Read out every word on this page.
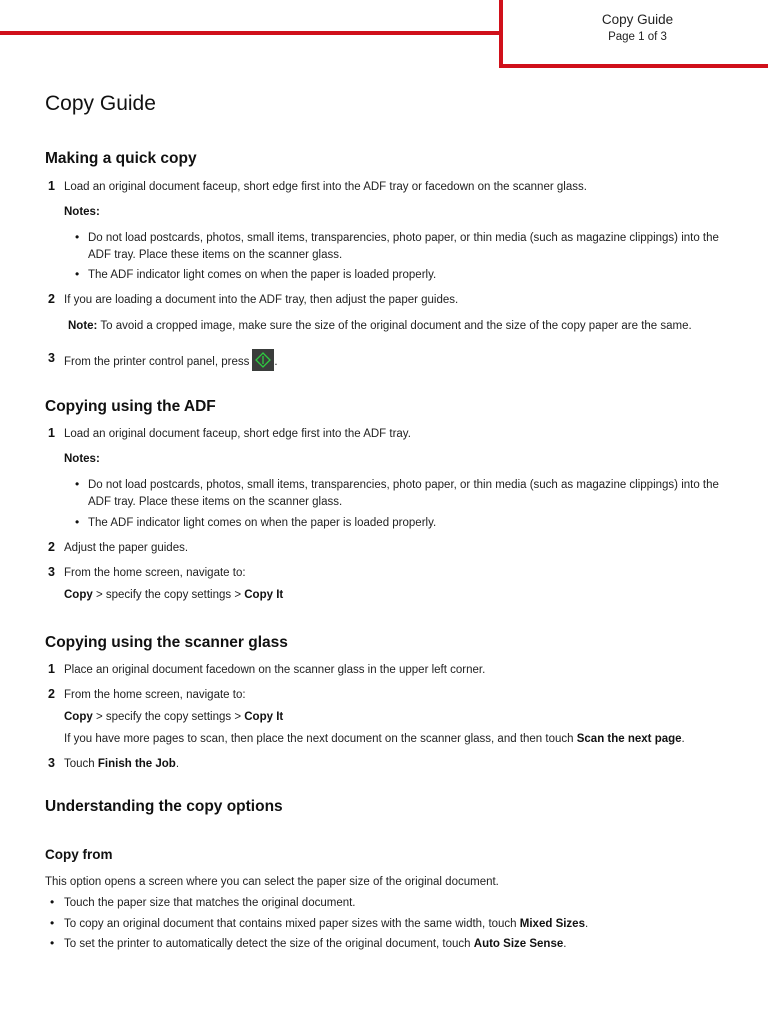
Copy Guide
Page 1 of 3
Copy Guide
Making a quick copy
1 Load an original document faceup, short edge first into the ADF tray or facedown on the scanner glass.
Notes:
• Do not load postcards, photos, small items, transparencies, photo paper, or thin media (such as magazine clippings) into the ADF tray. Place these items on the scanner glass.
• The ADF indicator light comes on when the paper is loaded properly.
2 If you are loading a document into the ADF tray, then adjust the paper guides.
Note: To avoid a cropped image, make sure the size of the original document and the size of the copy paper are the same.
3 From the printer control panel, press .
Copying using the ADF
1 Load an original document faceup, short edge first into the ADF tray.
Notes:
• Do not load postcards, photos, small items, transparencies, photo paper, or thin media (such as magazine clippings) into the ADF tray. Place these items on the scanner glass.
• The ADF indicator light comes on when the paper is loaded properly.
2 Adjust the paper guides.
3 From the home screen, navigate to:
Copy > specify the copy settings > Copy It
Copying using the scanner glass
1 Place an original document facedown on the scanner glass in the upper left corner.
2 From the home screen, navigate to:
Copy > specify the copy settings > Copy It
If you have more pages to scan, then place the next document on the scanner glass, and then touch Scan the next page.
3 Touch Finish the Job.
Understanding the copy options
Copy from
This option opens a screen where you can select the paper size of the original document.
• Touch the paper size that matches the original document.
• To copy an original document that contains mixed paper sizes with the same width, touch Mixed Sizes.
• To set the printer to automatically detect the size of the original document, touch Auto Size Sense.
